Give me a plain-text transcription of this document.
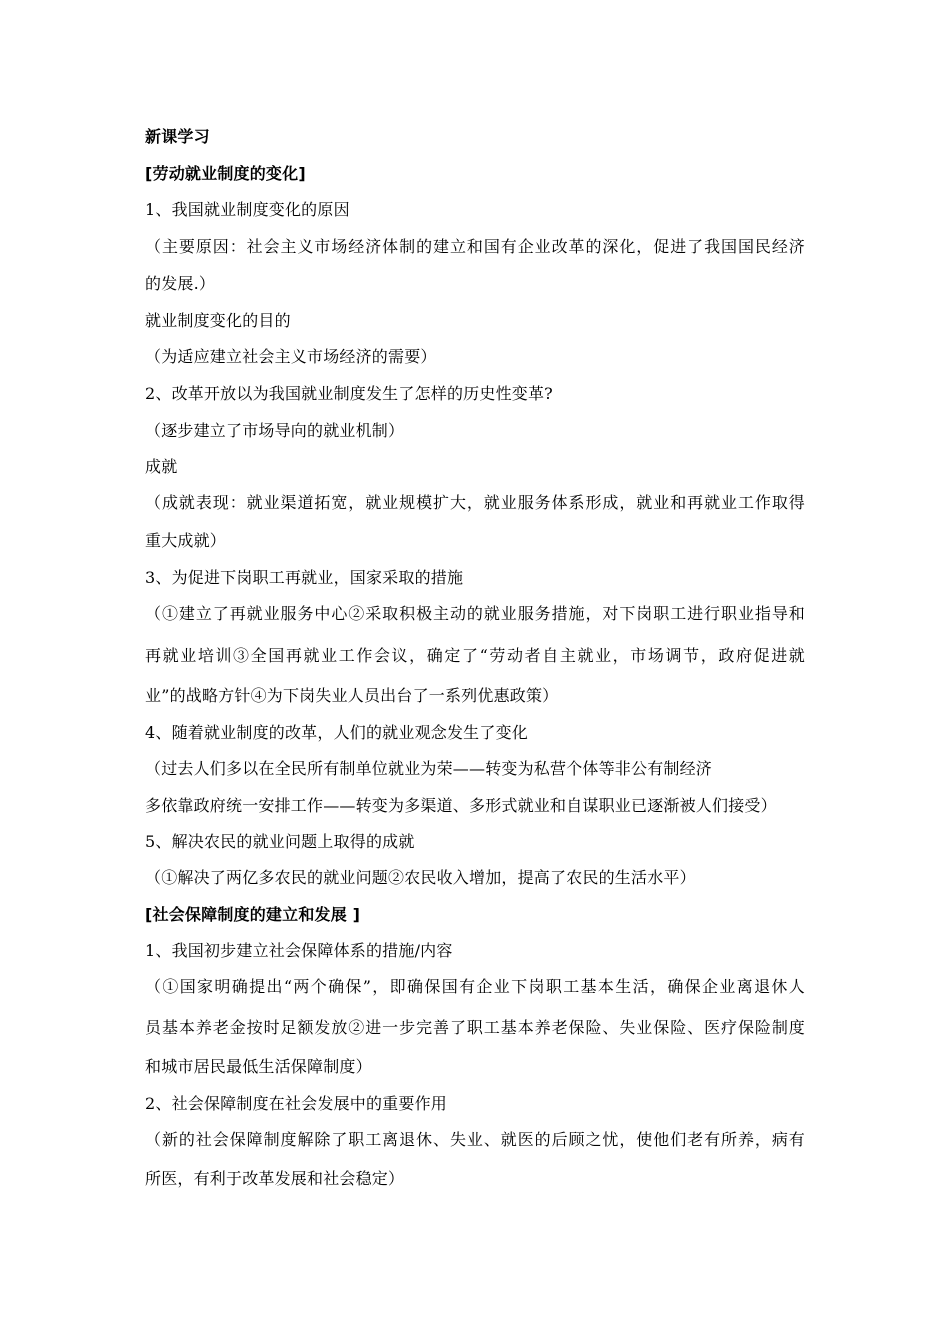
新课学习
[劳动就业制度的变化]
1、我国就业制度变化的原因
（主要原因：社会主义市场经济体制的建立和国有企业改革的深化，促进了我国国民经济
的发展.）
就业制度变化的目的
（为适应建立社会主义市场经济的需要）
2、改革开放以为我国就业制度发生了怎样的历史性变革?
（逐步建立了市场导向的就业机制）
成就
（成就表现：就业渠道拓宽，就业规模扩大，就业服务体系形成，就业和再就业工作取得
重大成就）
3、为促进下岗职工再就业，国家采取的措施
（①建立了再就业服务中心②采取积极主动的就业服务措施，对下岗职工进行职业指导和
再就业培训③全国再就业工作会议，确定了“劳动者自主就业，市场调节，政府促进就
业”的战略方针④为下岗失业人员出台了一系列优惠政策）
4、随着就业制度的改革，人们的就业观念发生了变化
（过去人们多以在全民所有制单位就业为荣——转变为私营个体等非公有制经济
多依靠政府统一安排工作——转变为多渠道、多形式就业和自谋职业已逐渐被人们接受）
5、解决农民的就业问题上取得的成就
（①解决了两亿多农民的就业问题②农民收入增加，提高了农民的生活水平）
[社会保障制度的建立和发展 ]
1、我国初步建立社会保障体系的措施/内容
（①国家明确提出“两个确保”，即确保国有企业下岗职工基本生活，确保企业离退休人
员基本养老金按时足额发放②进一步完善了职工基本养老保险、失业保险、医疗保险制度
和城市居民最低生活保障制度）
2、社会保障制度在社会发展中的重要作用
（新的社会保障制度解除了职工离退休、失业、就医的后顾之忧，使他们老有所养，病有
所医，有利于改革发展和社会稳定）
